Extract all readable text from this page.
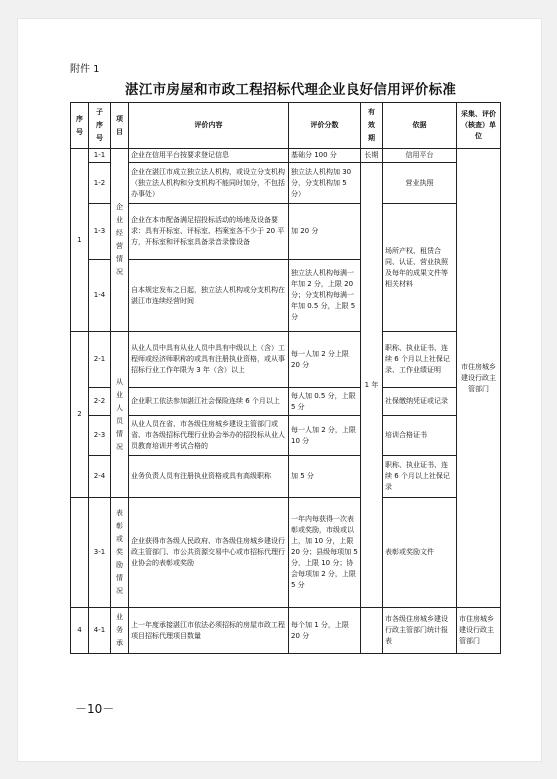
附件 1
湛江市房屋和市政工程招标代理企业良好信用评价标准
序号	子序号	项目	评价内容	评价分数	有效期	依据	采集、评价（核查）单位
1	1-1	企业经营情况	企业在信用平台按要求登记信息	基础分 100 分	长期	信用平台	市住房城乡建设行政主管部门
	1-2		企业在湛江市成立独立法人机构，或设立分支机构（独立法人机构和分支机构不能同时加分，不包括办事处）	独立法人机构加 30 分，分支机构加 5 分）	1 年	营业执照	
	1-3		企业在本市配备满足招投标活动的场地及设备要求：具有开标室、评标室、档案室各不少于 20 平方，开标室和评标室具备录音录像设备	加 20 分		场所产权、租赁合同、认证、营业执照及每年的成果文件等相关材料	
	1-4		自本规定发布之日起，独立法人机构或分支机构在湛江市连续经营时间	独立法人机构每满一年加 2 分，上限 20 分；分支机构每满一年加 0.5 分，上限 5 分			
2	2-1	从业人员情况	从业人员中具有从业人员中具有中级以上（含）工程师或经济师职称的或具有注册执业资格，或从事招标行业工作年限为 3 年（含）以上	每一人加 2 分上限 20 分		职称、执业证书、连续 6 个月以上社保记录、工作业绩证明	
	2-2		企业职工依法参加湛江社会保险连续 6 个月以上	每人加 0.5 分，上限 5 分		社保缴纳凭证或记录	
	2-3		从业人员在省、市各级住房城乡建设主管部门或省、市各级招标代理行业协会举办的招投标从业人员教育培训并考试合格的	每一人加 2 分，上限 10 分		培训合格证书	
	2-4		业务负责人员有注册执业资格或具有高级职称	加 5 分		职称、执业证书、连续 6 个月以上社保记录	
	3-1	表彰或奖励情况	企业获得市各级人民政府、市各级住房城乡建设行政主管部门、市公共资源交易中心或市招标代理行业协会的表彰或奖励	一年内每获得一次表彰或奖励，市级或以上，加 10 分，上限 20 分；县级每项加 5 分，上限 10 分；协会每项加 2 分，上限 5 分		表彰或奖励文件	
4	4-1	业务承	上一年度承接湛江市依法必须招标的房屋市政工程项目招标代理项目数量	每个加 1 分，上限 20 分		市各级住房城乡建设行政主管部门统计报表	市住房城乡建设行政主管部门
－10－
